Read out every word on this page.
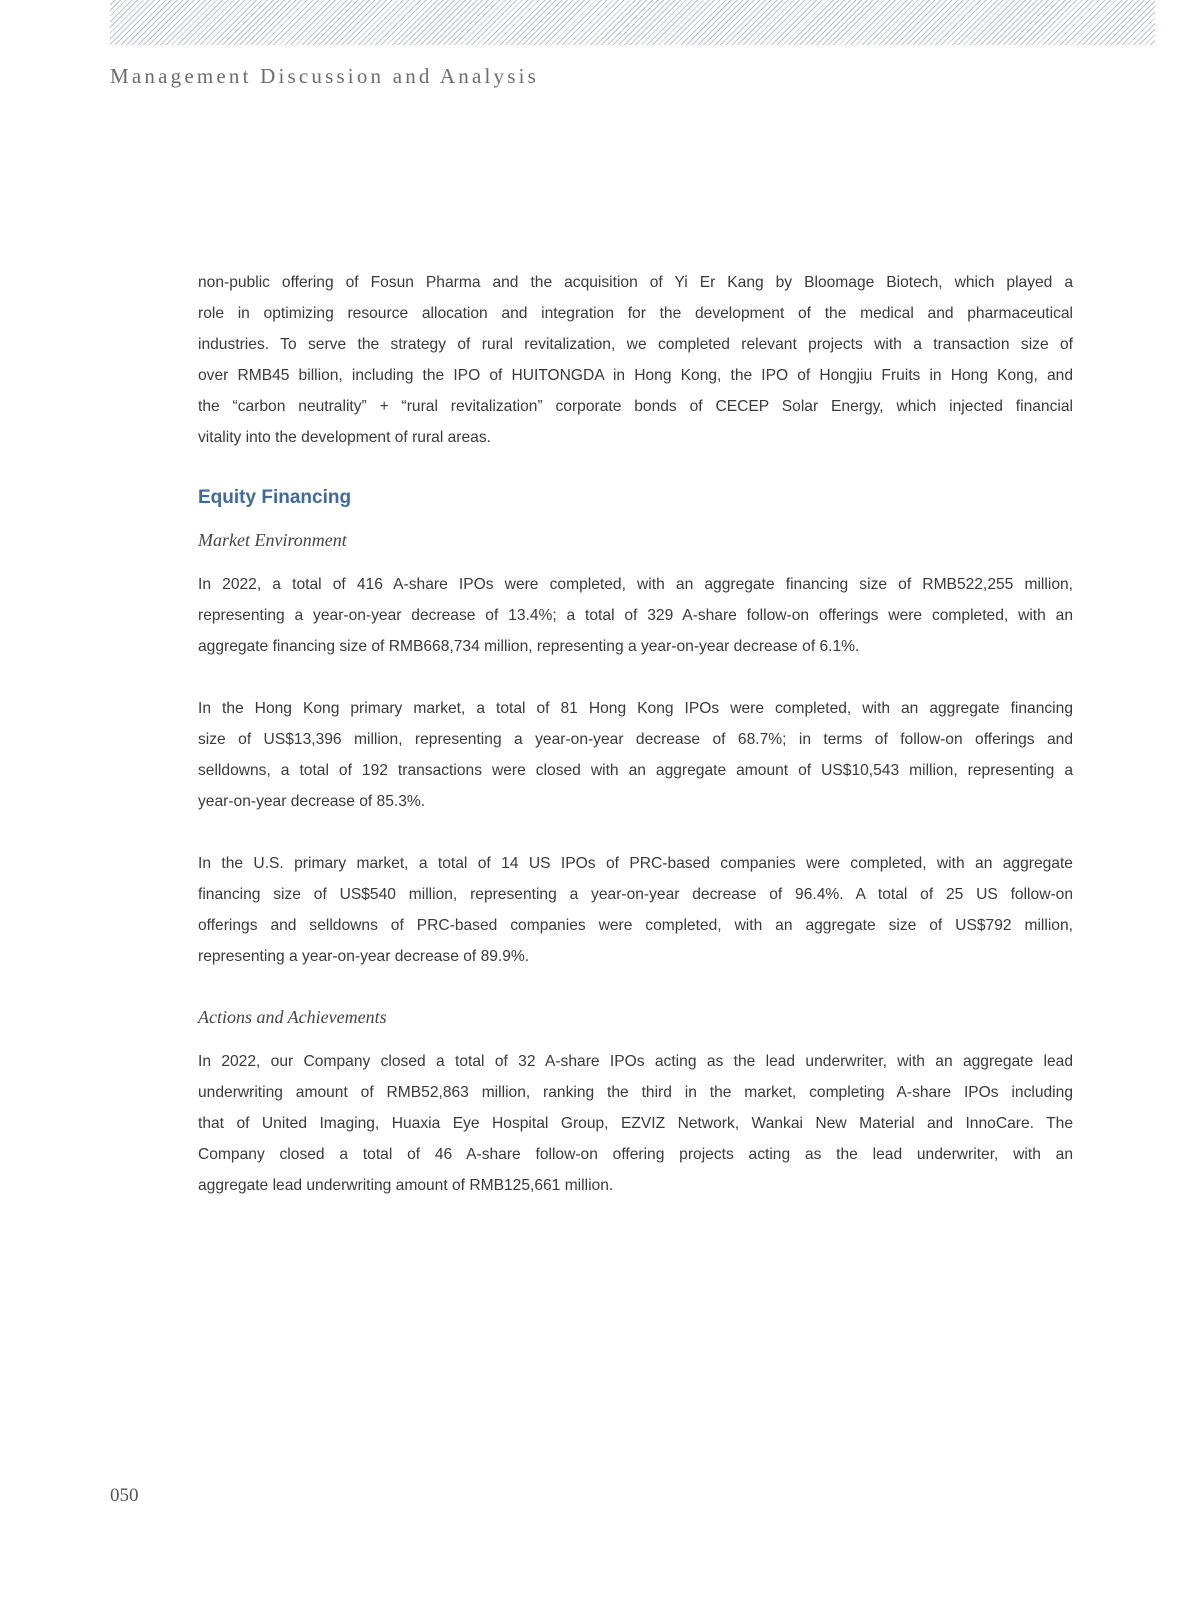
Management Discussion and Analysis
non-public offering of Fosun Pharma and the acquisition of Yi Er Kang by Bloomage Biotech, which played a
role in optimizing resource allocation and integration for the development of the medical and pharmaceutical
industries. To serve the strategy of rural revitalization, we completed relevant projects with a transaction size of
over RMB45 billion, including the IPO of HUITONGDA in Hong Kong, the IPO of Hongjiu Fruits in Hong Kong, and
the “carbon neutrality” + “rural revitalization” corporate bonds of CECEP Solar Energy, which injected financial
vitality into the development of rural areas.
Equity Financing
Market Environment
In 2022, a total of 416 A-share IPOs were completed, with an aggregate financing size of RMB522,255 million,
representing a year-on-year decrease of 13.4%; a total of 329 A-share follow-on offerings were completed, with an
aggregate financing size of RMB668,734 million, representing a year-on-year decrease of 6.1%.
In the Hong Kong primary market, a total of 81 Hong Kong IPOs were completed, with an aggregate financing
size of US$13,396 million, representing a year-on-year decrease of 68.7%; in terms of follow-on offerings and
selldowns, a total of 192 transactions were closed with an aggregate amount of US$10,543 million, representing a
year-on-year decrease of 85.3%.
In the U.S. primary market, a total of 14 US IPOs of PRC-based companies were completed, with an aggregate
financing size of US$540 million, representing a year-on-year decrease of 96.4%. A total of 25 US follow-on
offerings and selldowns of PRC-based companies were completed, with an aggregate size of US$792 million,
representing a year-on-year decrease of 89.9%.
Actions and Achievements
In 2022, our Company closed a total of 32 A-share IPOs acting as the lead underwriter, with an aggregate lead
underwriting amount of RMB52,863 million, ranking the third in the market, completing A-share IPOs including
that of United Imaging, Huaxia Eye Hospital Group, EZVIZ Network, Wankai New Material and InnoCare. The
Company closed a total of 46 A-share follow-on offering projects acting as the lead underwriter, with an
aggregate lead underwriting amount of RMB125,661 million.
050
